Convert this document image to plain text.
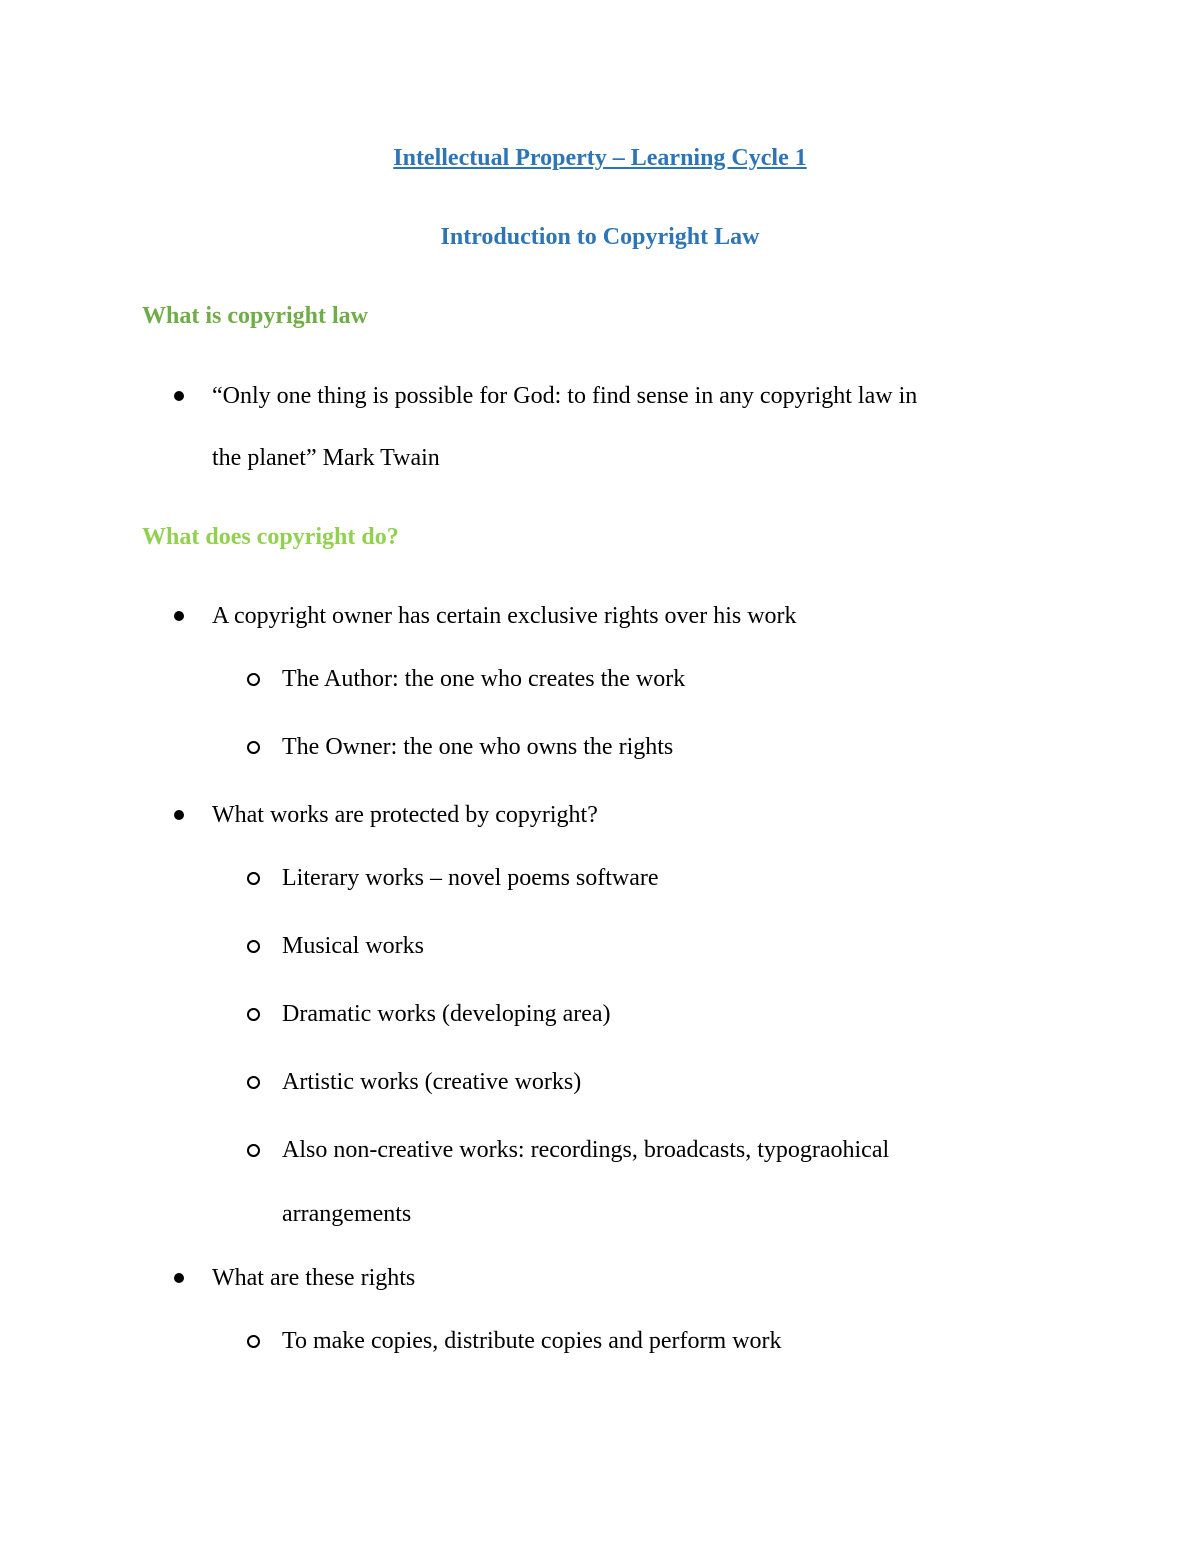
Intellectual Property – Learning Cycle 1
Introduction to Copyright Law
What is copyright law
“Only one thing is possible for God: to find sense in any copyright law in
the planet” Mark Twain
What does copyright do?
A copyright owner has certain exclusive rights over his work
The Author: the one who creates the work
The Owner: the one who owns the rights
What works are protected by copyright?
Literary works – novel poems software
Musical works
Dramatic works (developing area)
Artistic works (creative works)
Also non-creative works: recordings, broadcasts, typograohical
arrangements
What are these rights
To make copies, distribute copies and perform work
